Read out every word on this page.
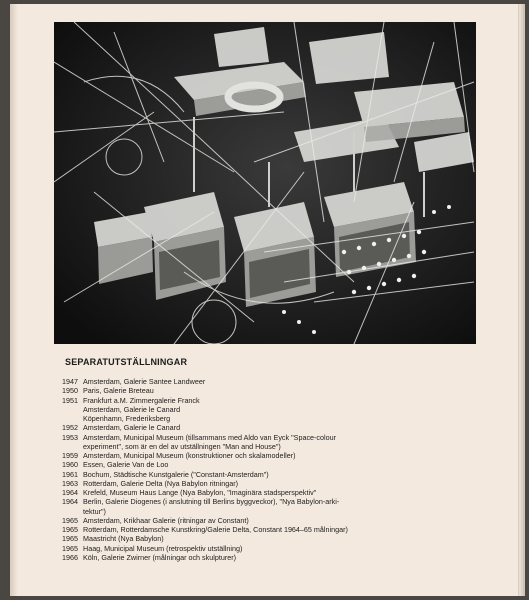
SEPARATUTSTÄLLNINGAR
1947 Amsterdam, Galerie Santee Landweer
1950 Paris, Galerie Breteau
1951 Frankfurt a.M. Zimmergalerie Franck
Amsterdam, Galerie le Canard
Köpenhamn, Frederiksberg
1952 Amsterdam, Galerie le Canard
1953 Amsterdam, Municipal Museum (tillsammans med Aldo van Eyck "Space-colour
experiment", som är en del av utställningen "Man and House")
1959 Amsterdam, Municipal Museum (konstruktioner och skalamodeller)
1960 Essen, Galerie Van de Loo
1961 Bochum, Städtische Kunstgalerie ("Constant-Amsterdam")
1963 Rotterdam, Galerie Delta (Nya Babylon ritningar)
1964 Krefeld, Museum Haus Lange (Nya Babylon, "Imaginära stadsperspektiv"
1964 Berlin, Galerie Diogenes (i anslutning till Berlins byggveckor), "Nya Babylon-arki-
tektur")
1965 Amsterdam, Krikhaar Galerie (ritningar av Constant)
1965 Rotterdam, Rotterdamsche Kunstkring/Galerie Delta, Constant 1964–65 målningar)
1965 Maastricht (Nya Babylon)
1965 Haag, Municipal Museum (retrospektiv utställning)
1966 Köln, Galerie Zwirner (målningar och skulpturer)
